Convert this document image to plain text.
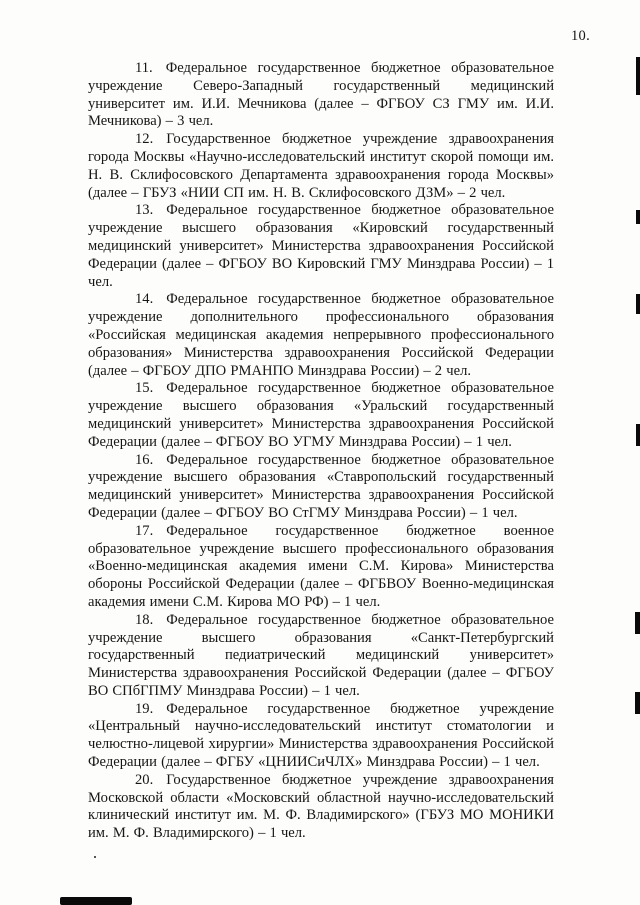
10.

11. Федеральное государственное бюджетное образовательное учреждение Северо-Западный государственный медицинский университет им. И.И. Мечникова (далее – ФГБОУ СЗ ГМУ им. И.И. Мечникова) – 3 чел.

12. Государственное бюджетное учреждение здравоохранения города Москвы «Научно-исследовательский институт скорой помощи им. Н. В. Склифосовского Департамента здравоохранения города Москвы» (далее – ГБУЗ «НИИ СП им. Н. В. Склифосовского ДЗМ» – 2 чел.

13. Федеральное государственное бюджетное образовательное учреждение высшего образования «Кировский государственный медицинский университет» Министерства здравоохранения Российской Федерации (далее – ФГБОУ ВО Кировский ГМУ Минздрава России) – 1 чел.

14. Федеральное государственное бюджетное образовательное учреждение дополнительного профессионального образования «Российская медицинская академия непрерывного профессионального образования» Министерства здравоохранения Российской Федерации (далее – ФГБОУ ДПО РМАНПО Минздрава России) – 2 чел.

15. Федеральное государственное бюджетное образовательное учреждение высшего образования «Уральский государственный медицинский университет» Министерства здравоохранения Российской Федерации (далее – ФГБОУ ВО УГМУ Минздрава России) – 1 чел.

16. Федеральное государственное бюджетное образовательное учреждение высшего образования «Ставропольский государственный медицинский университет» Министерства здравоохранения Российской Федерации (далее – ФГБОУ ВО СтГМУ Минздрава России) – 1 чел.

17. Федеральное государственное бюджетное военное образовательное учреждение высшего профессионального образования «Военно-медицинская академия имени С.М. Кирова» Министерства обороны Российской Федерации (далее – ФГБВОУ Военно-медицинская академия имени С.М. Кирова МО РФ) – 1 чел.

18. Федеральное государственное бюджетное образовательное учреждение высшего образования «Санкт-Петербургский государственный педиатрический медицинский университет» Министерства здравоохранения Российской Федерации (далее – ФГБОУ ВО СПбГПМУ Минздрава России) – 1 чел.

19. Федеральное государственное бюджетное учреждение «Центральный научно-исследовательский институт стоматологии и челюстно-лицевой хирургии» Министерства здравоохранения Российской Федерации (далее – ФГБУ «ЦНИИСиЧЛХ» Минздрава России) – 1 чел.

20. Государственное бюджетное учреждение здравоохранения Московской области «Московский областной научно-исследовательский клинический институт им. М. Ф. Владимирского» (ГБУЗ МО МОНИКИ им. М. Ф. Владимирского) – 1 чел.
